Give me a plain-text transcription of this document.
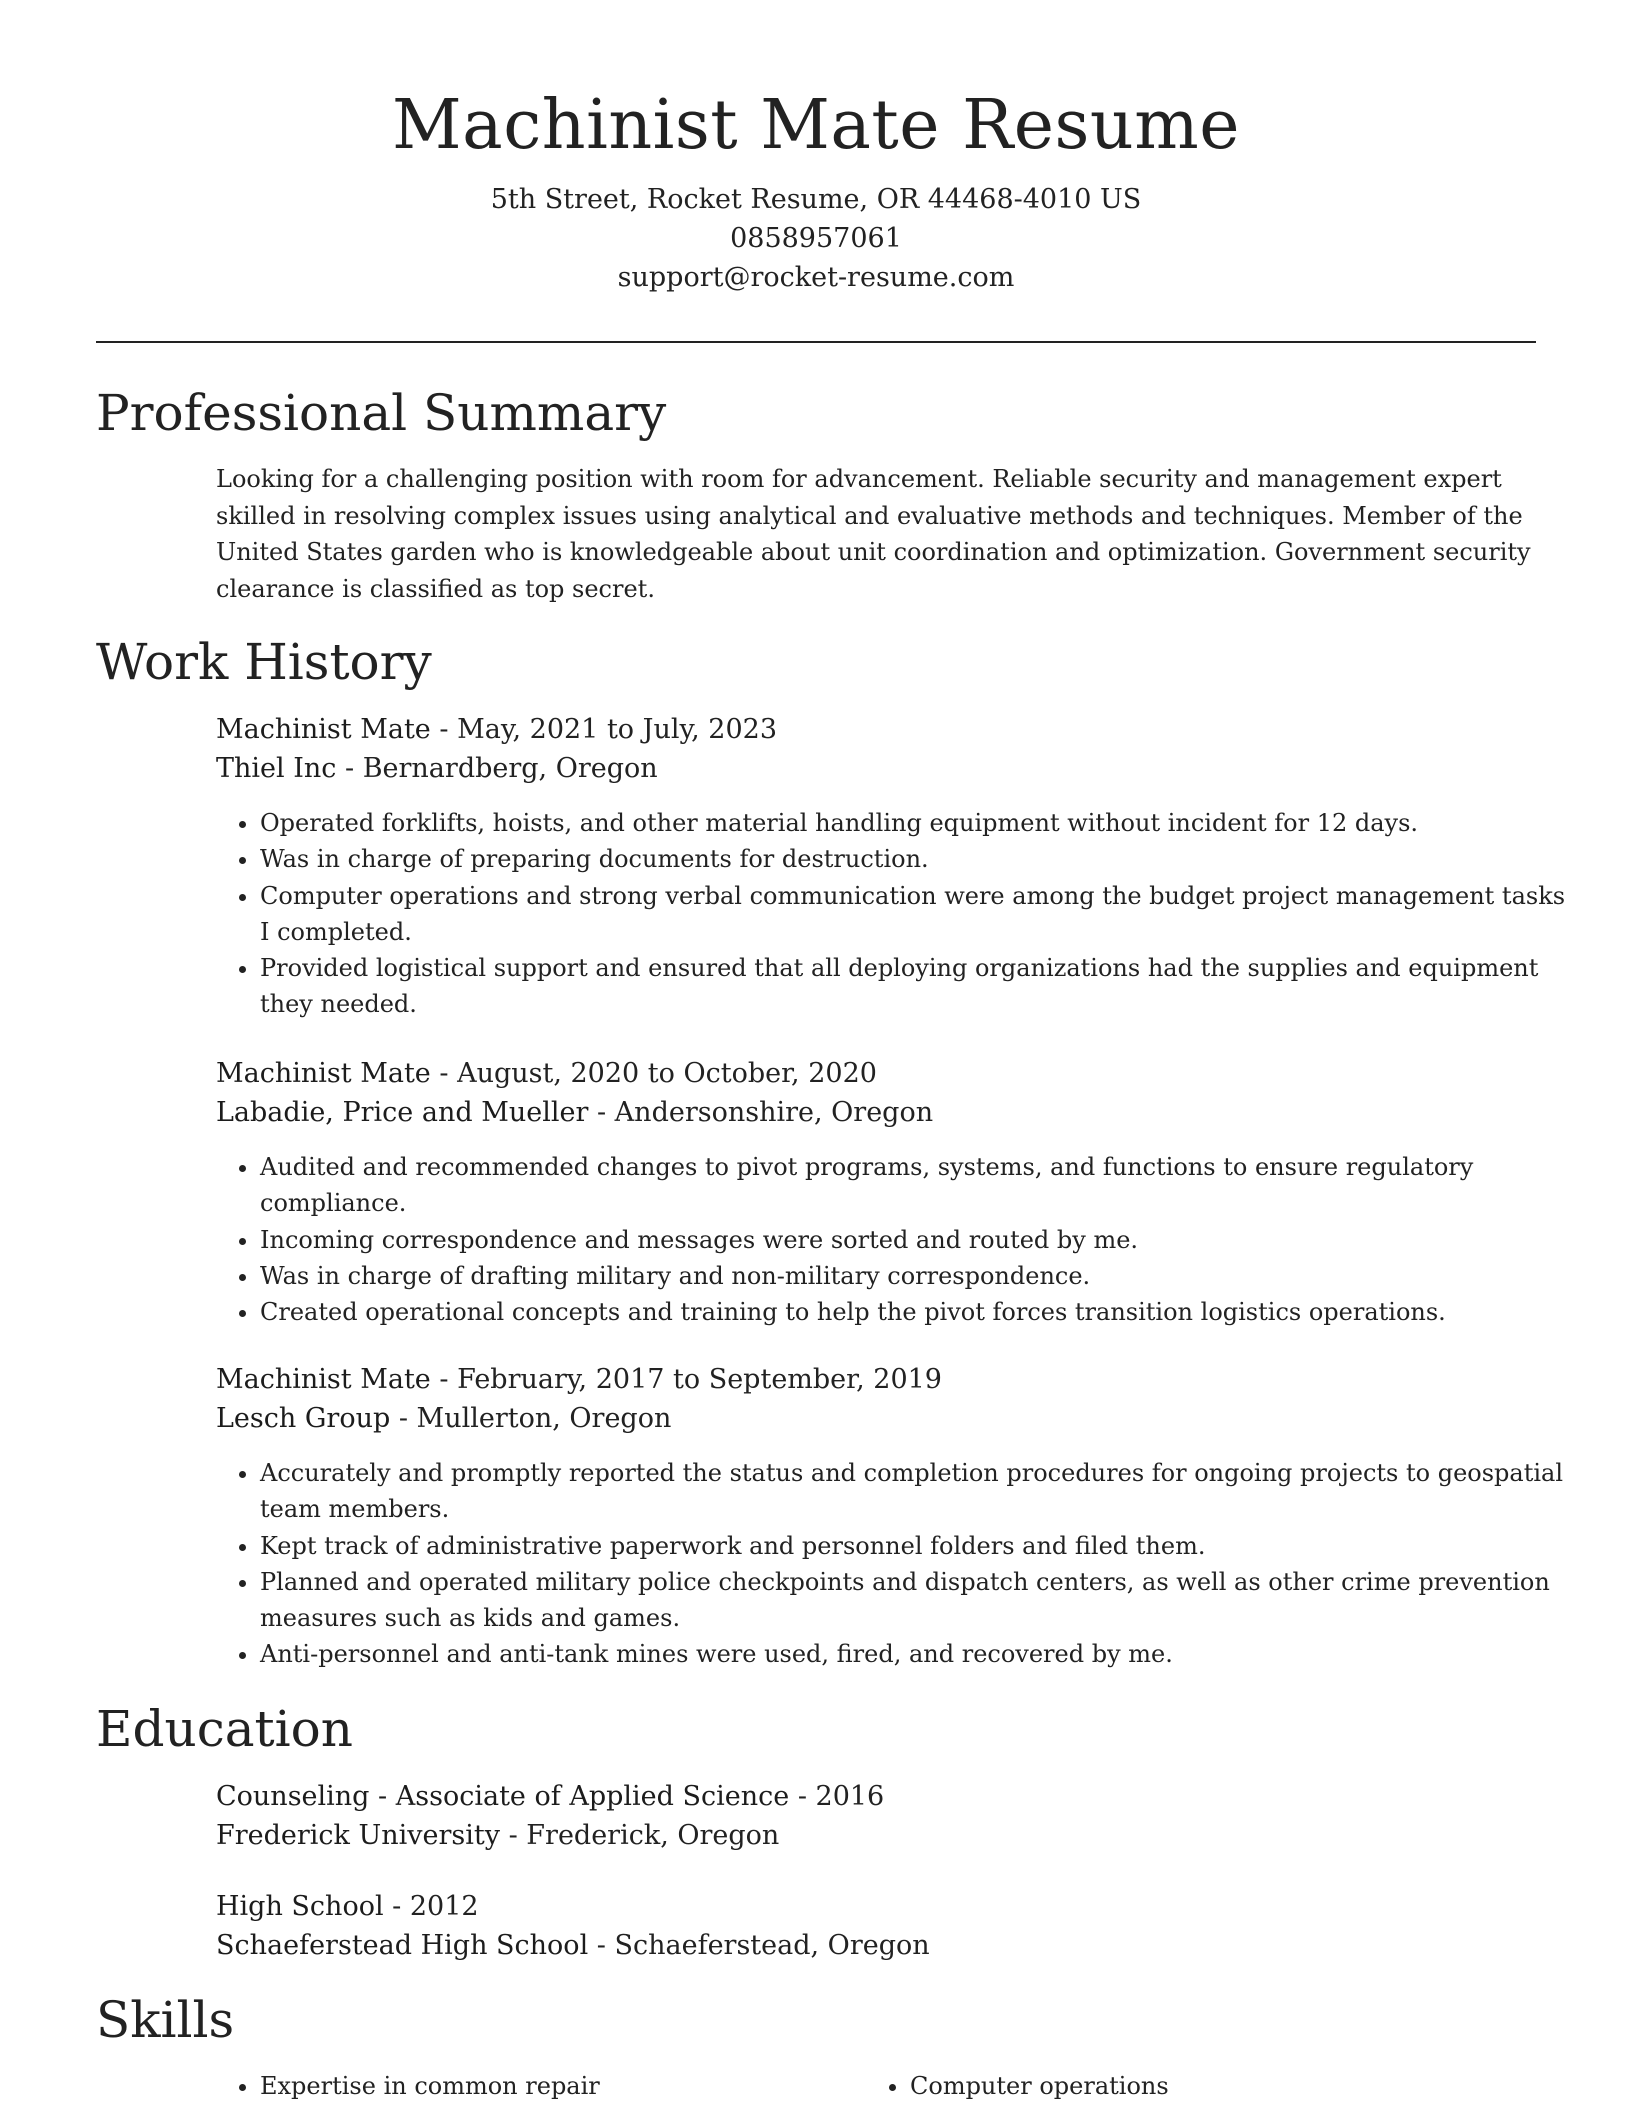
Machinist Mate Resume
5th Street, Rocket Resume, OR 44468-4010 US
0858957061
support@rocket-resume.com
Professional Summary

Looking for a challenging position with room for advancement. Reliable security and management expert skilled in resolving complex issues using analytical and evaluative methods and techniques. Member of the United States garden who is knowledgeable about unit coordination and optimization. Government security clearance is classified as top secret.

Work History
Machinist Mate - May, 2021 to July, 2023
Thiel Inc - Bernardberg, Oregon
• Operated forklifts, hoists, and other material handling equipment without incident for 12 days.
• Was in charge of preparing documents for destruction.
• Computer operations and strong verbal communication were among the budget project management tasks I completed.
• Provided logistical support and ensured that all deploying organizations had the supplies and equipment they needed.
Machinist Mate - August, 2020 to October, 2020
Labadie, Price and Mueller - Andersonshire, Oregon
• Audited and recommended changes to pivot programs, systems, and functions to ensure regulatory compliance.
• Incoming correspondence and messages were sorted and routed by me.
• Was in charge of drafting military and non-military correspondence.
• Created operational concepts and training to help the pivot forces transition logistics operations.
Machinist Mate - February, 2017 to September, 2019
Lesch Group - Mullerton, Oregon
• Accurately and promptly reported the status and completion procedures for ongoing projects to geospatial team members.
• Kept track of administrative paperwork and personnel folders and filed them.
• Planned and operated military police checkpoints and dispatch centers, as well as other crime prevention measures such as kids and games.
• Anti-personnel and anti-tank mines were used, fired, and recovered by me.
Education
Counseling - Associate of Applied Science - 2016
Frederick University - Frederick, Oregon
High School - 2012
Schaeferstead High School - Schaeferstead, Oregon
Skills
• Expertise in common repair
•	Computer operations
